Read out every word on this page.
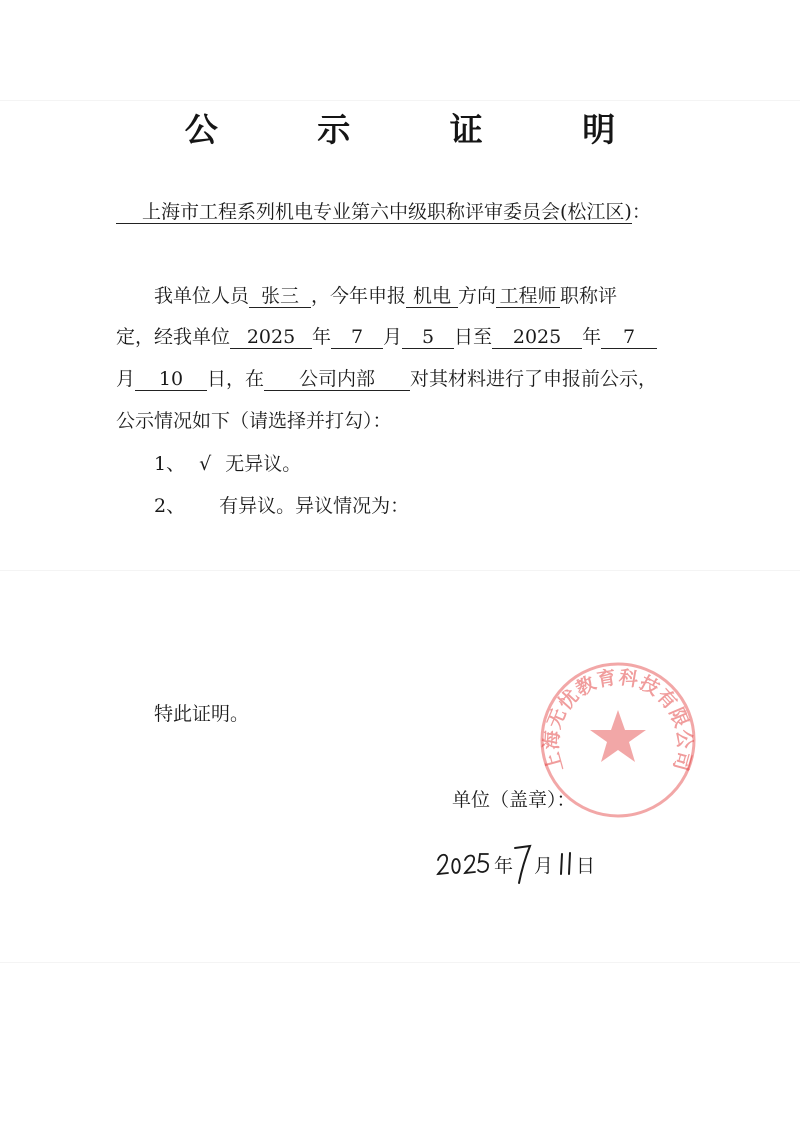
公 示 证 明
上海市工程系列机电专业第六中级职称评审委员会(松江区)：
我单位人员 张三 ，今年申报 机电 方向 工程师 职称评
定，经我单位 2025 年 7 月 5 日至 2025 年 7
月 10 日，在 公司内部 对其材料进行了申报前公示，
公示情况如下（请选择并打勾）：
1、 √ 无异议。
2、 有异议。异议情况为：
特此证明。
单位（盖章）：
上海无忧教育科技有限公司
年 月 日
